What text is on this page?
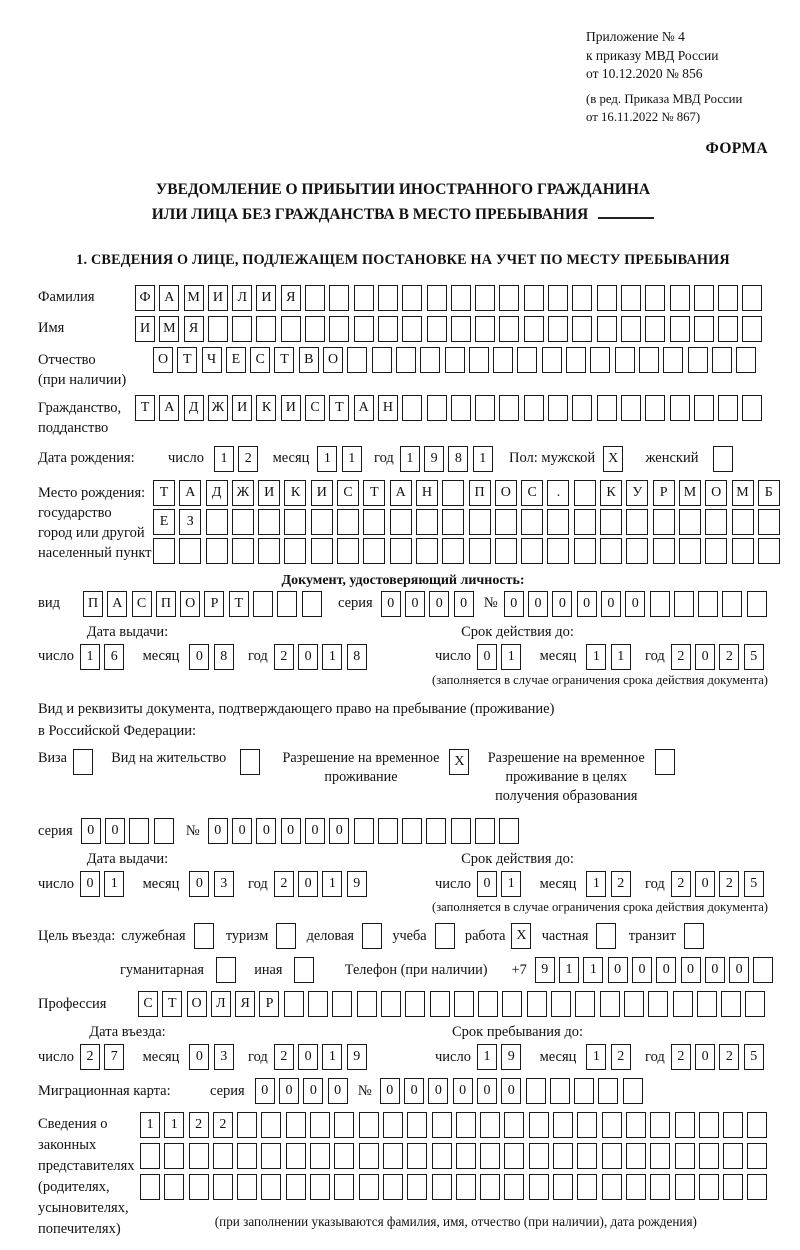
Приложение № 4
к приказу МВД России
от 10.12.2020 № 856
(в ред. Приказа МВД России
от 16.11.2022 № 867)
ФОРМА
УВЕДОМЛЕНИЕ О ПРИБЫТИИ ИНОСТРАННОГО ГРАЖДАНИНА
ИЛИ ЛИЦА БЕЗ ГРАЖДАНСТВА В МЕСТО ПРЕБЫВАНИЯ
1. СВЕДЕНИЯ О ЛИЦЕ, ПОДЛЕЖАЩЕМ ПОСТАНОВКЕ НА УЧЕТ ПО МЕСТУ ПРЕБЫВАНИЯ
Фамилия	Ф А М И	Л	И	Я
Имя	И М Я
Отчество
(при наличии)
О	Т	Ч	Е	С	Т	В	О
Гражданство,
подданство
Т	А	Д Ж И	К	И	С	Т	А	Н
Дата рождения:	число	1	2	месяц	1	1	год 1	9	8	1	Пол: мужской X	женский
Место рождения:
государство
город или другой
населенный пункт
Т	А	Д	Ж	И	К	И	С	Т	А	Н	П	О	С	.	К	У	Р	М	О	М	Б
Е	З
Документ, удостоверяющий личность:
вид	П	А	С	П	О	Р	Т	серия	0	0	0	0	№ 0	0	0	0	0	0
Дата выдачи:
число 1	6	месяц	0	8	год 2	0	1	8
Срок действия до:
число 0	1	месяц	1	1	год 2	0	2	5
(заполняется в случае ограничения срока действия документа)
Вид и реквизиты документа, подтверждающего право на пребывание (проживание)
в Российской Федерации:
Виза	Вид на жительство	Разрешение на временное
проживание
X	Разрешение на временное
проживание в целях
получения образования
серия	0	0	№	0	0	0	0	0	0
Дата выдачи:
число 0	1	месяц	0	3	год 2	0	1	9
Срок действия до:
число 0	1	месяц	1	2	год 2	0	2	5
(заполняется в случае ограничения срока действия документа)
Цель въезда: служебная	туризм	деловая	учеба	работа X	частная	транзит
гуманитарная	иная	Телефон (при наличии) +7	9	1	1	0	0	0	0	0	0
Профессия	С	Т	О	Л	Я	Р
Дата въезда:
число 2	7	месяц	0	3	год 2	0	1	9
Срок пребывания до:
число 1	9	месяц	1	2	год 2	0	2	5
Миграционная карта:	серия	0	0	0	0	№	0	0	0	0	0	0
Сведения о
законных
представителях
(родителях,
усыновителях,
попечителях)
1	1	2	2
(при заполнении указываются фамилия, имя, отчество (при наличии), дата рождения)
